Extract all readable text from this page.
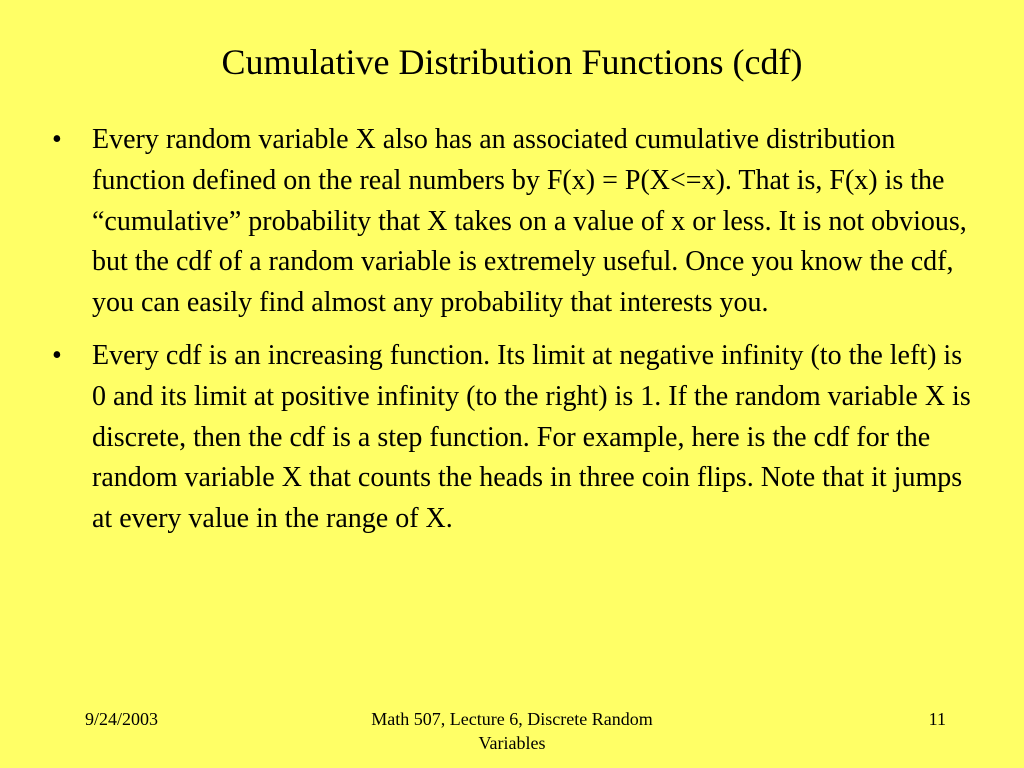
Cumulative Distribution Functions (cdf)
• Every random variable X also has an associated cumulative distribution function defined on the real numbers by F(x) = P(X<=x). That is, F(x) is the “cumulative” probability that X takes on a value of x or less. It is not obvious, but the cdf of a random variable is extremely useful. Once you know the cdf, you can easily find almost any probability that interests you.
• Every cdf is an increasing function. Its limit at negative infinity (to the left) is 0 and its limit at positive infinity (to the right) is 1. If the random variable X is discrete, then the cdf is a step function. For example, here is the cdf for the random variable X that counts the heads in three coin flips. Note that it jumps at every value in the range of X.
9/24/2003	Math 507, Lecture 6, Discrete Random Variables
11
